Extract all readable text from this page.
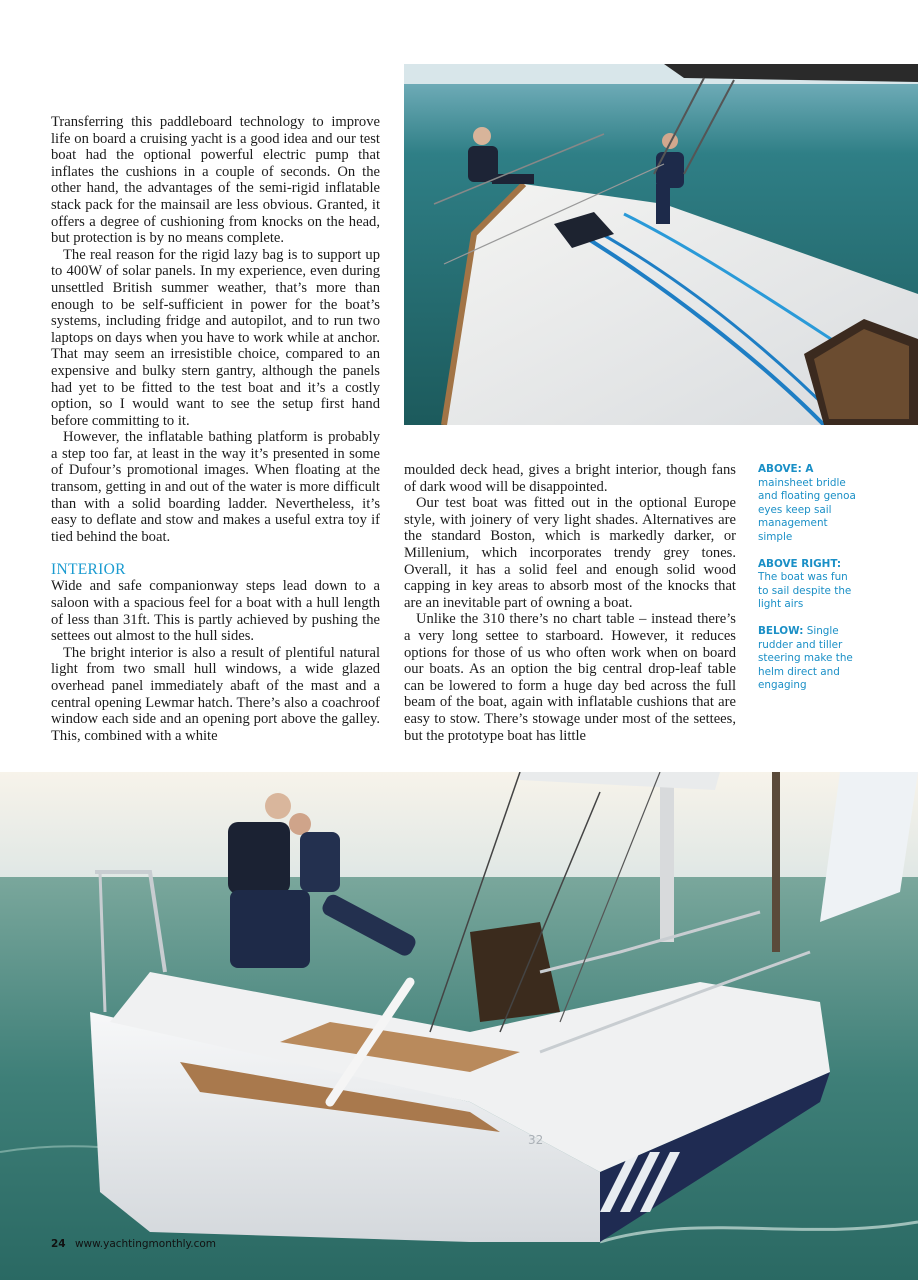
Transferring this paddleboard technology to improve life on board a cruising yacht is a good idea and our test boat had the optional powerful electric pump that inflates the cushions in a couple of seconds. On the other hand, the advantages of the semi-rigid inflatable stack pack for the mainsail are less obvious. Granted, it offers a degree of cushioning from knocks on the head, but protection is by no means complete.

The real reason for the rigid lazy bag is to support up to 400W of solar panels. In my experience, even during unsettled British summer weather, that’s more than enough to be self-sufficient in power for the boat’s systems, including fridge and autopilot, and to run two laptops on days when you have to work while at anchor. That may seem an irresistible choice, compared to an expensive and bulky stern gantry, although the panels had yet to be fitted to the test boat and it’s a costly option, so I would want to see the setup first hand before committing to it.

However, the inflatable bathing platform is probably a step too far, at least in the way it’s presented in some of Dufour’s promotional images. When floating at the transom, getting in and out of the water is more difficult than with a solid boarding ladder. Nevertheless, it’s easy to deflate and stow and makes a useful extra toy if tied behind the boat.

INTERIOR

Wide and safe companionway steps lead down to a saloon with a spacious feel for a boat with a hull length of less than 31ft. This is partly achieved by pushing the settees out almost to the hull sides.

The bright interior is also a result of plentiful natural light from two small hull windows, a wide glazed overhead panel immediately abaft of the mast and a central opening Lewmar hatch. There’s also a coachroof window each side and an opening port above the galley. This, combined with a white

moulded deck head, gives a bright interior, though fans of dark wood will be disappointed.

Our test boat was fitted out in the optional Europe style, with joinery of very light shades. Alternatives are the standard Boston, which is markedly darker, or Millenium, which incorporates trendy grey tones. Overall, it has a solid feel and enough solid wood capping in key areas to absorb most of the knocks that are an inevitable part of owning a boat.

Unlike the 310 there’s no chart table – instead there’s a very long settee to starboard. However, it reduces options for those of us who often work when on board our boats. As an option the big central drop-leaf table can be lowered to form a huge day bed across the full beam of the boat, again with inflatable cushions that are easy to stow. There’s stowage under most of the settees, but the prototype boat has little

ABOVE: A mainsheet bridle and floating genoa eyes keep sail management simple

ABOVE RIGHT: The boat was fun to sail despite the light airs

BELOW: Single rudder and tiller steering make the helm direct and engaging

32
24 www.yachtingmonthly.com
